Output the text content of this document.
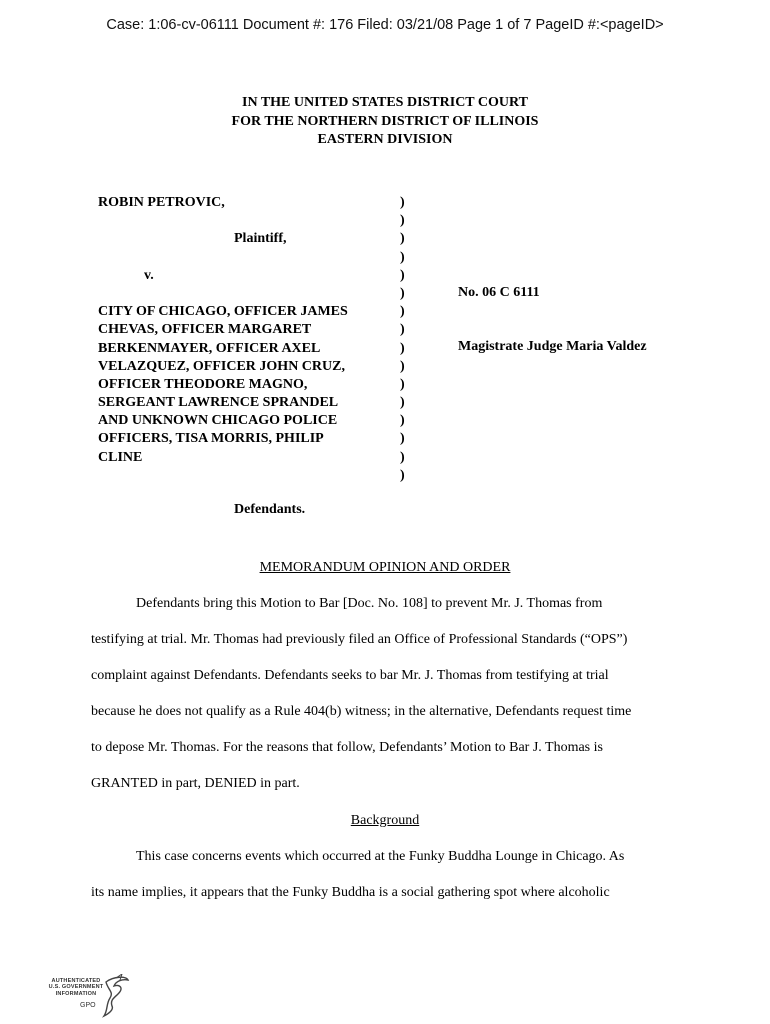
Case: 1:06-cv-06111 Document #: 176 Filed: 03/21/08 Page 1 of 7 PageID #:<pageID>
IN THE UNITED STATES DISTRICT COURT
FOR THE NORTHERN DISTRICT OF ILLINOIS
EASTERN DIVISION
ROBIN PETROVIC,
Plaintiff,
v.
CITY OF CHICAGO, OFFICER JAMES
CHEVAS, OFFICER MARGARET
BERKENMAYER, OFFICER AXEL
VELAZQUEZ, OFFICER JOHN CRUZ,
OFFICER THEODORE MAGNO,
SERGEANT LAWRENCE SPRANDEL
AND UNKNOWN CHICAGO POLICE
OFFICERS, TISA MORRIS, PHILIP
CLINE
)
)
)
)
)
)
)
)
)
)
)
)
)
)
)
)
No. 06 C 6111
Magistrate Judge Maria Valdez
Defendants.
MEMORANDUM OPINION AND ORDER
Defendants bring this Motion to Bar [Doc. No. 108] to prevent Mr. J. Thomas from
testifying at trial. Mr. Thomas had previously filed an Office of Professional Standards (“OPS”)
complaint against Defendants. Defendants seeks to bar Mr. J. Thomas from testifying at trial
because he does not qualify as a Rule 404(b) witness; in the alternative, Defendants request time
to depose Mr. Thomas. For the reasons that follow, Defendants’ Motion to Bar J. Thomas is
GRANTED in part, DENIED in part.
Background
This case concerns events which occurred at the Funky Buddha Lounge in Chicago. As
its name implies, it appears that the Funky Buddha is a social gathering spot where alcoholic
AUTHENTICATED
U.S. GOVERNMENT
INFORMATION
GPO
